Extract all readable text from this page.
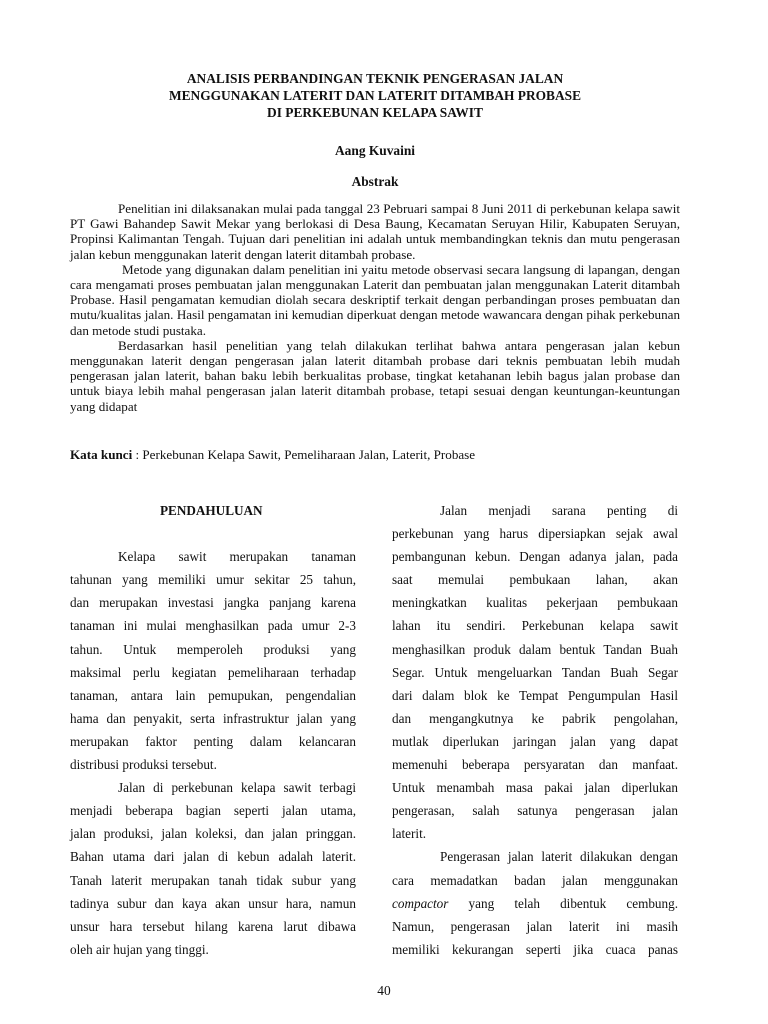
ANALISIS PERBANDINGAN TEKNIK PENGERASAN JALAN
MENGGUNAKAN LATERIT DAN LATERIT DITAMBAH PROBASE
DI PERKEBUNAN KELAPA SAWIT
Aang Kuvaini
Abstrak

Penelitian ini dilaksanakan mulai pada tanggal 23 Pebruari sampai 8 Juni 2011 di perkebunan kelapa sawit PT Gawi Bahandep Sawit Mekar yang berlokasi di Desa Baung, Kecamatan Seruyan Hilir, Kabupaten Seruyan, Propinsi Kalimantan Tengah. Tujuan dari penelitian ini adalah untuk membandingkan teknis dan mutu pengerasan jalan kebun menggunakan laterit dengan laterit ditambah probase.

Metode yang digunakan dalam penelitian ini yaitu metode observasi secara langsung di lapangan, dengan cara mengamati proses pembuatan jalan menggunakan Laterit dan pembuatan jalan menggunakan Laterit ditambah Probase. Hasil pengamatan kemudian diolah secara deskriptif terkait dengan perbandingan proses pembuatan dan mutu/kualitas jalan. Hasil pengamatan ini kemudian diperkuat dengan metode wawancara dengan pihak perkebunan dan metode studi pustaka.

Berdasarkan hasil penelitian yang telah dilakukan terlihat bahwa antara pengerasan jalan kebun menggunakan laterit dengan pengerasan jalan laterit ditambah probase dari teknis pembuatan lebih mudah pengerasan jalan laterit, bahan baku lebih berkualitas probase, tingkat ketahanan lebih bagus jalan probase dan untuk biaya lebih mahal pengerasan jalan laterit ditambah probase, tetapi sesuai dengan keuntungan-keuntungan yang didapat

Kata kunci : Perkebunan Kelapa Sawit, Pemeliharaan Jalan, Laterit, Probase
PENDAHULUAN
Kelapa sawit merupakan tanaman
tahunan yang memiliki umur sekitar 25 tahun,
dan merupakan investasi jangka panjang karena
tanaman ini mulai menghasilkan pada umur 2-3
tahun. Untuk memperoleh produksi yang
maksimal perlu kegiatan pemeliharaan terhadap
tanaman, antara lain pemupukan, pengendalian
hama dan penyakit, serta infrastruktur jalan yang
merupakan faktor penting dalam kelancaran
distribusi produksi tersebut.
Jalan di perkebunan kelapa sawit terbagi
menjadi beberapa bagian seperti jalan utama,
jalan produksi, jalan koleksi, dan jalan pringgan.
Bahan utama dari jalan di kebun adalah laterit.
Tanah laterit merupakan tanah tidak subur yang
tadinya subur dan kaya akan unsur hara, namun
unsur hara tersebut hilang karena larut dibawa
oleh air hujan yang tinggi.
Jalan menjadi sarana penting di
perkebunan yang harus dipersiapkan sejak awal
pembangunan kebun. Dengan adanya jalan, pada
saat memulai pembukaan lahan, akan
meningkatkan kualitas pekerjaan pembukaan
lahan itu sendiri. Perkebunan kelapa sawit
menghasilkan produk dalam bentuk Tandan Buah
Segar. Untuk mengeluarkan Tandan Buah Segar
dari dalam blok ke Tempat Pengumpulan Hasil
dan mengangkutnya ke pabrik pengolahan,
mutlak diperlukan jaringan jalan yang dapat
memenuhi beberapa persyaratan dan manfaat.
Untuk menambah masa pakai jalan diperlukan
pengerasan, salah satunya pengerasan jalan
laterit.
Pengerasan jalan laterit dilakukan dengan
cara memadatkan badan jalan menggunakan
compactor yang telah dibentuk cembung.
Namun, pengerasan jalan laterit ini masih
memiliki kekurangan seperti jika cuaca panas
40
